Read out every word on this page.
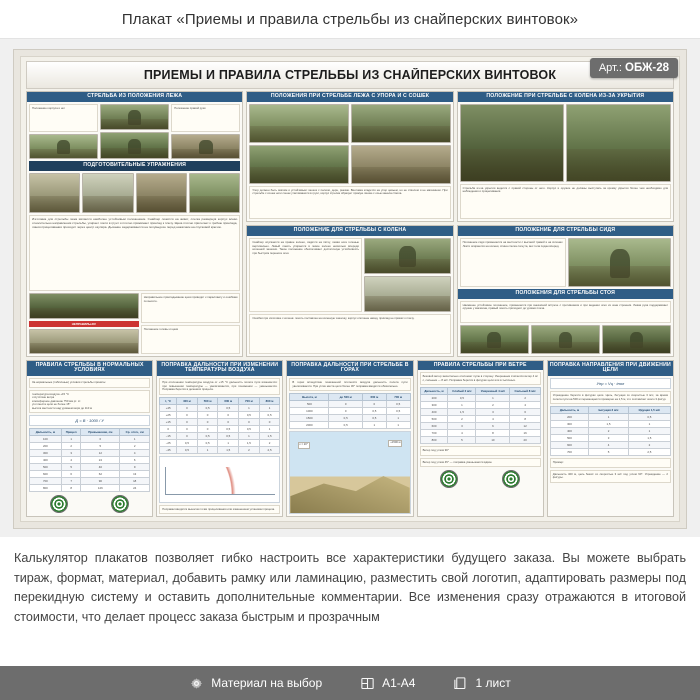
Плакат «Приемы и правила стрельбы из снайперских винтовок»
ПРИЕМЫ И ПРАВИЛА СТРЕЛЬБЫ ИЗ СНАЙПЕРСКИХ ВИНТОВОК
СТРЕЛЬБА ИЗ ПОЛОЖЕНИЯ ЛЕЖА
Положение корпуса и ног	Положение правой руки
ПОДГОТОВИТЕЛЬНЫЕ УПРАЖНЕНИЯ
Изготовка для стрельбы лежа является наиболее устойчивым положением. Снайпер ложится на живот, слегка развернув корпус влево относительно направления стрельбы, упирает локти в грунт и плотно прижимает приклад к плечу. Щека плотно прилегает к гребню приклада, линия прицеливания проходит через центр окуляра. Дыхание задерживается на полувыдохе перед нажатием на спусковой крючок.
НЕПРАВИЛЬНО!
Неправильное прикладывание щеки приводит к параллаксу и ошибкам по высоте.
Положение головы и щеки
ПОЛОЖЕНИЯ ПРИ СТРЕЛЬБЕ ЛЕЖА С УПОРА И С СОШЕК
Упор должен быть мягким и устойчивым: мешок с песком, дерн, рюкзак. Винтовка кладется на упор цевьем, но не стволом и не магазином. При стрельбе с сошек ноги сошек утапливаются в грунт, корпус стрелка образует прямую линию с осью канала ствола.
ПОЛОЖЕНИЕ ПРИ СТРЕЛЬБЕ С КОЛЕНА ИЗ-ЗА УКРЫТИЯ
Стрельба из-за укрытия ведется с правой стороны от него. Корпус и оружие не должны выступать за кромку укрытия более чем необходимо для наблюдения и прицеливания.
ПОЛОЖЕНИЕ ДЛЯ СТРЕЛЬБЫ С КОЛЕНА
Снайпер опускается на правое колено, садится на пятку, левая нога голенью вертикально. Левый локоть упирается в левое колено несколько впереди коленной чашечки. Такое положение обеспечивает достаточную устойчивость при быстром переносе огня.
Ошибки при изготовке с колена: локоть поставлен на коленную чашечку, корпус отклонен назад, приклад не прижат к плечу.
ПОЛОЖЕНИЕ ДЛЯ СТРЕЛЬБЫ СИДЯ
Положение сидя применяется на местности с высокой травой и на склонах. Локти опираются на колени, спина слегка согнута, вес тела подан вперед.
ПОЛОЖЕНИЯ ДЛЯ СТРЕЛЬБЫ СТОЯ
Наименее устойчивое положение, применяется при внезапной встрече с противником и при ведении огня из окна строения. Левая рука поддерживает оружие у магазина, правый локоть приподнят до уровня плеча.
ПРАВИЛА СТРЕЛЬБЫ В НОРМАЛЬНЫХ УСЛОВИЯХ
За нормальные (табличные) условия стрельбы приняты:
температура воздуха +15 °С
отсутствие ветра
атмосферное давление 750 мм рт. ст.
угол места цели не более 15°
высота местности над уровнем моря до 110 м
Д = В · 1000 / У
Дальность, м	Прицел	Превышение, см	Ср. откл., см
100	1	0	1
200	2	5	2
300	3	12	4
400	4	24	6
500	5	40	9
600	6	62	13
700	7	90	18
800	8	126	24
ПОПРАВКА ДАЛЬНОСТИ ПРИ ИЗМЕНЕНИИ ТЕМПЕРАТУРЫ ВОЗДУХА
При отклонении температуры воздуха от +15 °С дальность полета пули изменяется: при повышении температуры — увеличивается, при понижении — уменьшается. Поправка берется в делениях прицела.
t, °С	400 м	500 м	600 м	700 м	800 м
+45	0	0,5	0,5	1	1
+25	0	0	0	0,5	0,5
+15	0	0	0	0	0
0	0	0	0,5	0,5	1
−15	0	0,5	0,5	1	1,5
−25	0,5	0,5	1	1,5	2
−45	0,5	1	1,5	2	2,5
Поправки вводятся выносом точки прицеливания или изменением установки прицела.
ПОПРАВКА ДАЛЬНОСТИ ПРИ СТРЕЛЬБЕ В ГОРАХ
В горах вследствие пониженной плотности воздуха дальность полета пули увеличивается. При углах места цели более 30° поправка вводится обязательно.
Высота, м	до 500 м	600 м	700 м
500	0	0	0,5
1000	0	0,5	0,5
1500	0,5	0,5	1
2000	0,5	1	1
ε = 20°
+1500 м
ПРАВИЛА СТРЕЛЬБЫ ПРИ ВЕТРЕ
Боковой ветер значительно отклоняет пулю в сторону. Умеренным считается ветер 4 м/с, сильным — 8 м/с. Поправка берется в фигурах цели или в тысячных.
Дальность, м	Слабый 2 м/с	Умеренный 4 м/с	Сильный 8 м/с
200	0,5	1	2
300	1	2	4
400	1,5	3	6
500	2	4	8
600	3	6	12
700	4	8	16
800	5	10	20
Ветер под углом 90°
Ветер под углом 45° — поправка уменьшается вдвое
ПОПРАВКА НАПРАВЛЕНИЯ ПРИ ДВИЖЕНИИ ЦЕЛИ
Упр = Vц · tпол
Упреждение берется в фигурах цели. Цель, бегущая со скоростью 3 м/с, за время полета пули на 500 м перемещается примерно на 1,5 м, что составляет около 3 фигур.
Дальность, м	Бегущая 3 м/с	Идущая 1,5 м/с
200	1	0,5
300	1,5	1
400	2	1
500	3	1,5
600	4	2
700	5	2,5
Пример:
Дальность 400 м, цель бежит со скоростью 3 м/с под углом 90°. Упреждение — 2 фигуры.
Арт.: ОБЖ-28
Калькулятор плакатов позволяет гибко настроить все характеристики будущего заказа. Вы можете выбрать тираж, формат, материал, добавить рамку или ламинацию, разместить свой логотип, адаптировать размеры под перекидную систему и оставить дополнительные комментарии. Все изменения сразу отражаются в итоговой стоимости, что делает процесс заказа быстрым и прозрачным
Материал на выбор	А1-А4	1 лист
